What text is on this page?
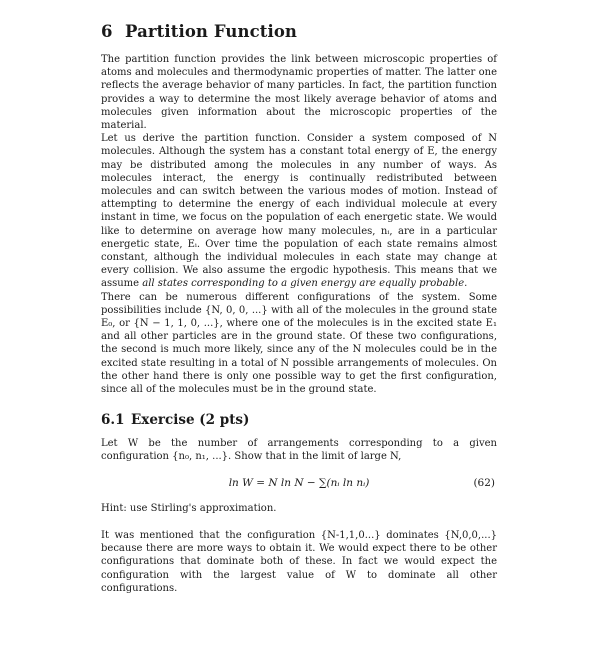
6 Partition Function

The partition function provides the link between microscopic properties of atoms and molecules and thermodynamic properties of matter. The latter one reflects the average behavior of many particles. In fact, the partition function provides a way to determine the most likely average behavior of atoms and molecules given information about the microscopic properties of the material.

Let us derive the partition function. Consider a system composed of N molecules. Although the system has a constant total energy of E, the energy may be distributed among the molecules in any number of ways. As molecules interact, the energy is continually redistributed between molecules and can switch between the various modes of motion. Instead of attempting to determine the energy of each individual molecule at every instant in time, we focus on the population of each energetic state. We would like to determine on average how many molecules, nᵢ, are in a particular energetic state, Eᵢ. Over time the population of each state remains almost constant, although the individual molecules in each state may change at every collision. We also assume the ergodic hypothesis. This means that we assume all states corresponding to a given energy are equally probable.

There can be numerous different configurations of the system. Some possibilities include {N, 0, 0, ...} with all of the molecules in the ground state E₀, or {N − 1, 1, 0, ...}, where one of the molecules is in the excited state E₁ and all other particles are in the ground state. Of these two configurations, the second is much more likely, since any of the N molecules could be in the excited state resulting in a total of N possible arrangements of molecules. On the other hand there is only one possible way to get the first configuration, since all of the molecules must be in the ground state.

6.1 Exercise (2 pts)

Let W be the number of arrangements corresponding to a given configuration {n₀, n₁, ...}. Show that in the limit of large N,

ln W = N ln N − ∑(nᵢ ln nᵢ)	(62)

Hint: use Stirling's approximation.

It was mentioned that the configuration {N-1,1,0...} dominates {N,0,0,...} because there are more ways to obtain it. We would expect there to be other configurations that dominate both of these. In fact we would expect the configuration with the largest value of W to dominate all other configurations.
